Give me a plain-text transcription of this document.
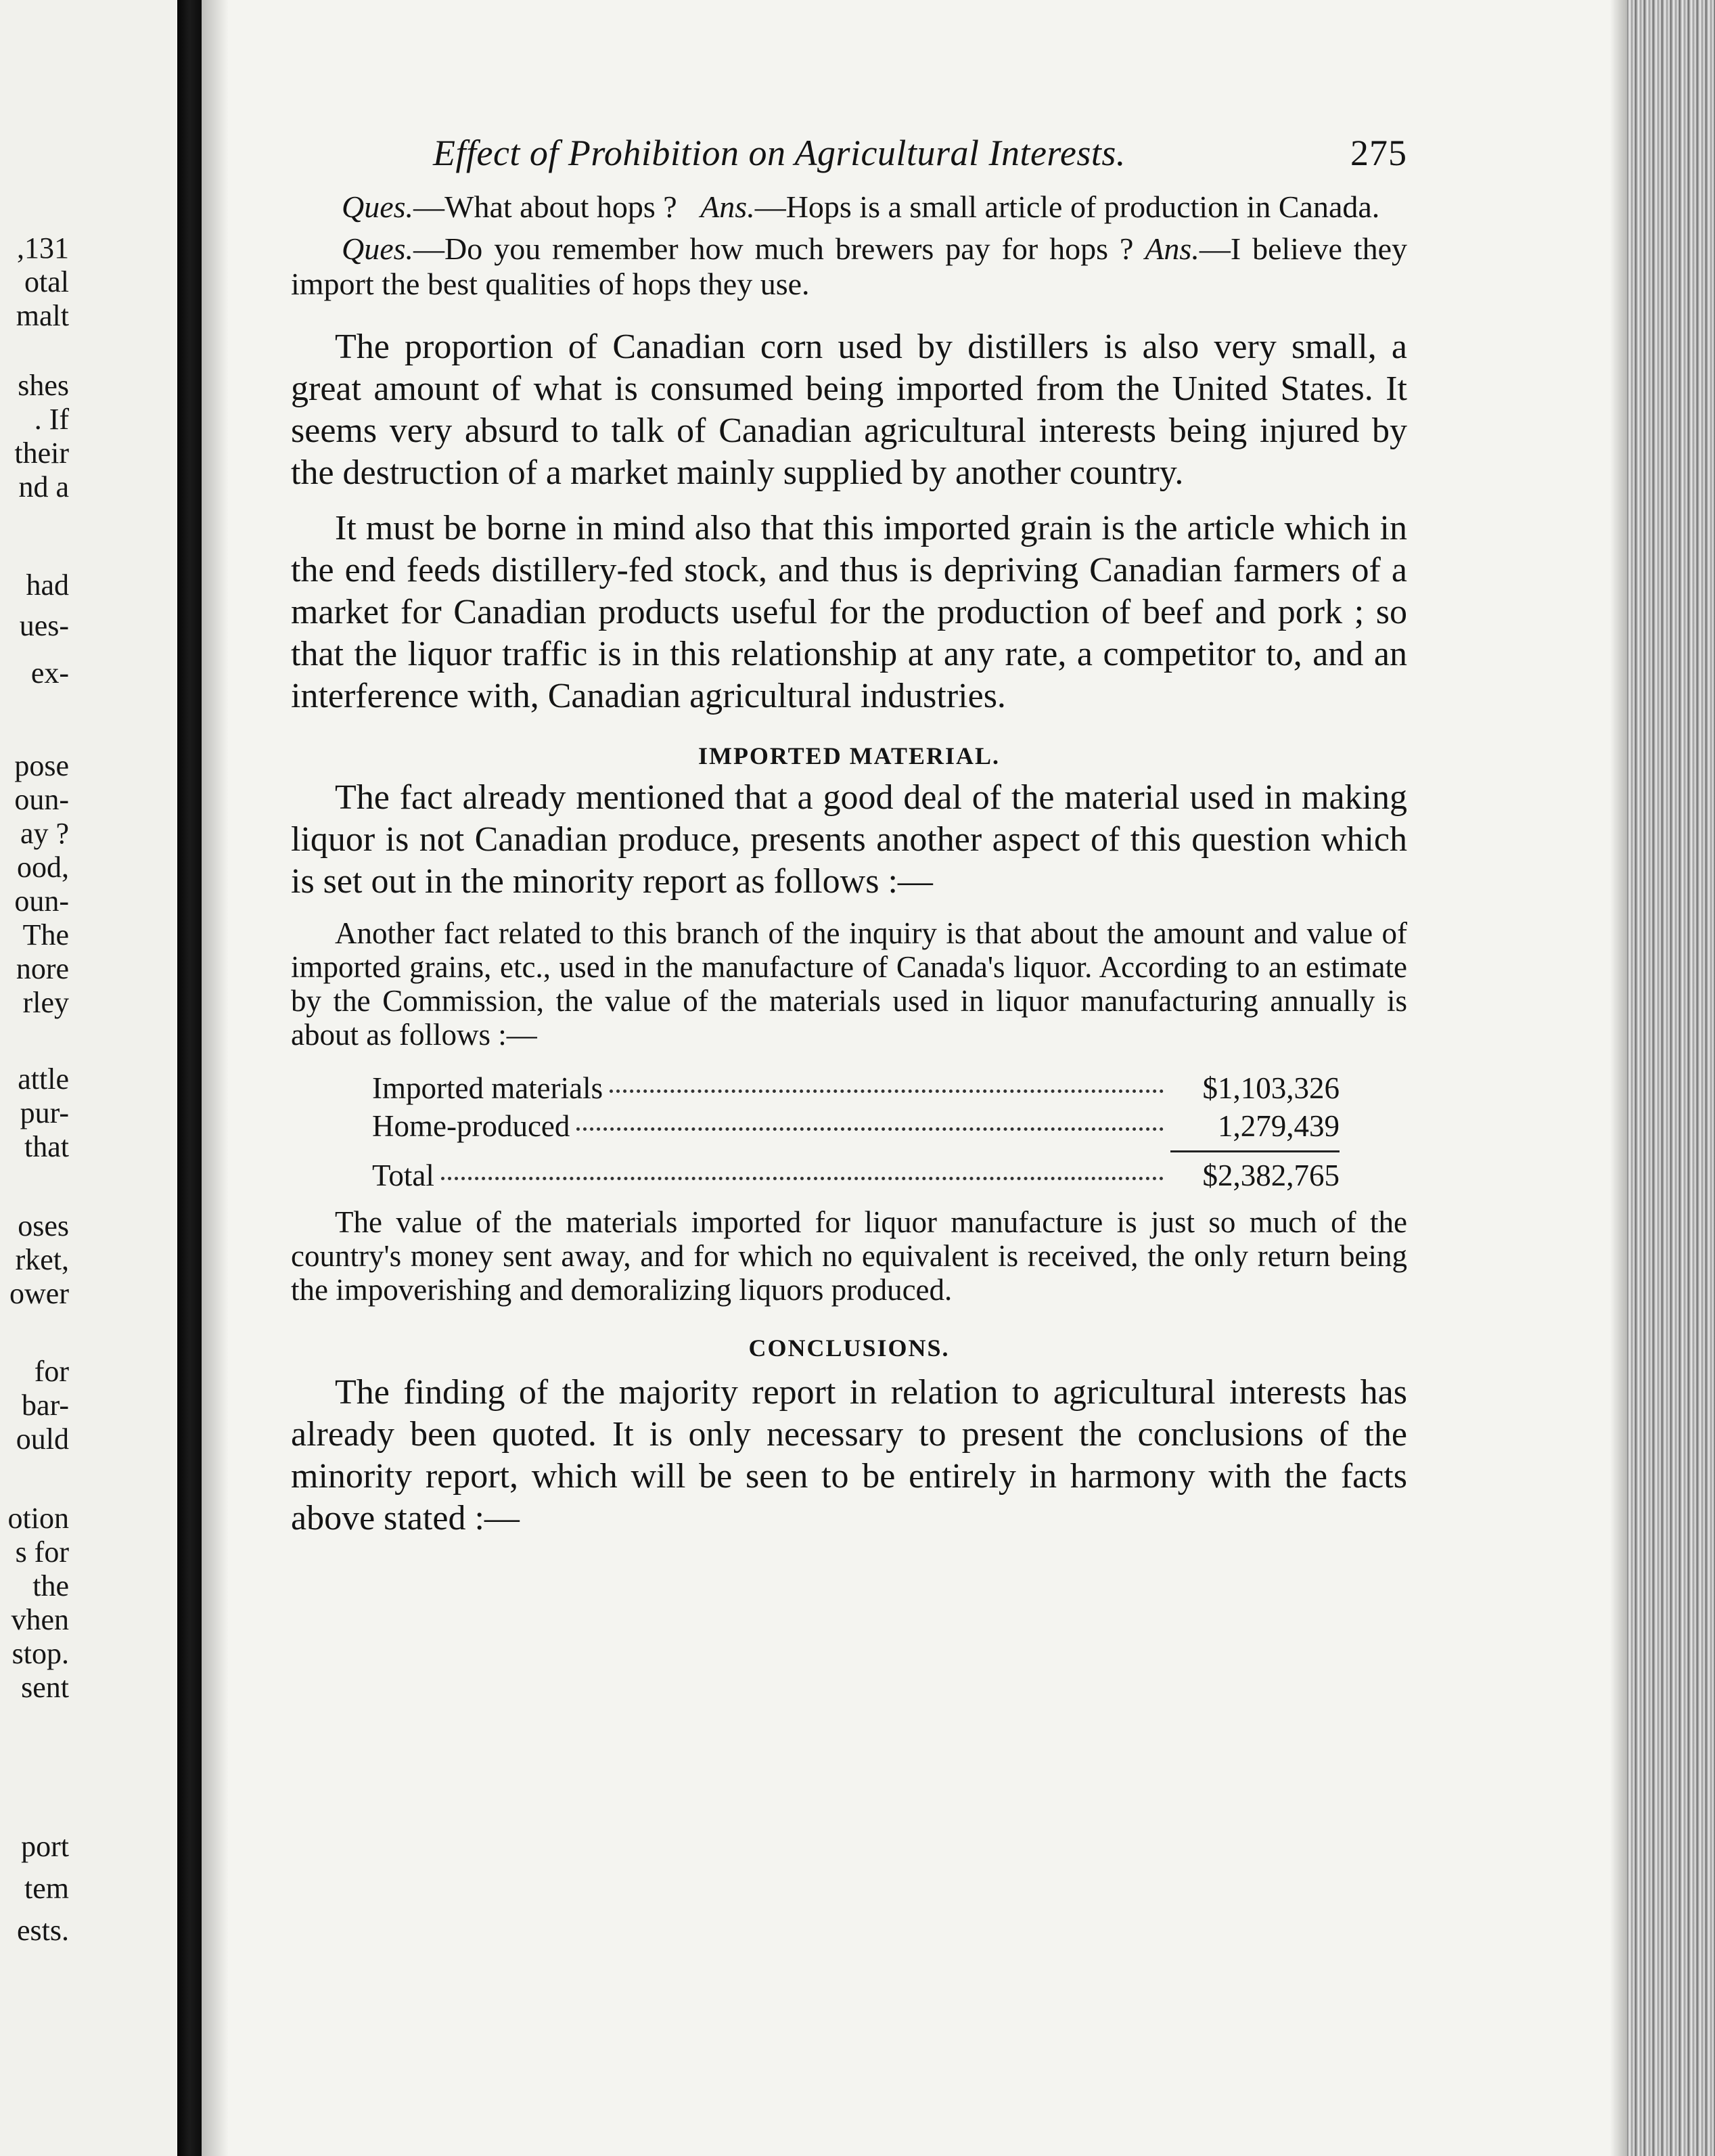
,131
otal
malt
shes
. If
their
nd a
had
ues-
ex-
pose
oun-
ay ?
ood,
oun-
The
nore
rley
attle
pur-
that
oses
rket,
ower
for
bar-
ould
otion
s for
the
vhen
stop.
sent
port
tem
ests.
Effect of Prohibition on Agricultural Interests.	275

Ques.—What about hops ? Ans.—Hops is a small article of production in Canada.

Ques.—Do you remember how much brewers pay for hops ? Ans.—I believe they import the best qualities of hops they use.

The proportion of Canadian corn used by distillers is also very small, a great amount of what is consumed being imported from the United States. It seems very absurd to talk of Canadian agricultural interests being injured by the destruction of a market mainly supplied by another country.

It must be borne in mind also that this imported grain is the article which in the end feeds distillery-fed stock, and thus is depriving Canadian farmers of a market for Canadian products useful for the production of beef and pork ; so that the liquor traffic is in this relationship at any rate, a competitor to, and an interference with, Canadian agricultural industries.

IMPORTED MATERIAL.

The fact already mentioned that a good deal of the material used in making liquor is not Canadian produce, presents another aspect of this question which is set out in the minority report as follows :—

Another fact related to this branch of the inquiry is that about the amount and value of imported grains, etc., used in the manufacture of Canada's liquor. According to an estimate by the Commission, the value of the materials used in liquor manufacturing annually is about as follows :—

Imported materials	$1,103,326
Home-produced	1,279,439
Total	$2,382,765

The value of the materials imported for liquor manufacture is just so much of the country's money sent away, and for which no equivalent is received, the only return being the impoverishing and demoralizing liquors produced.

CONCLUSIONS.

The finding of the majority report in relation to agricultural interests has already been quoted. It is only necessary to present the conclusions of the minority report, which will be seen to be entirely in harmony with the facts above stated :—
